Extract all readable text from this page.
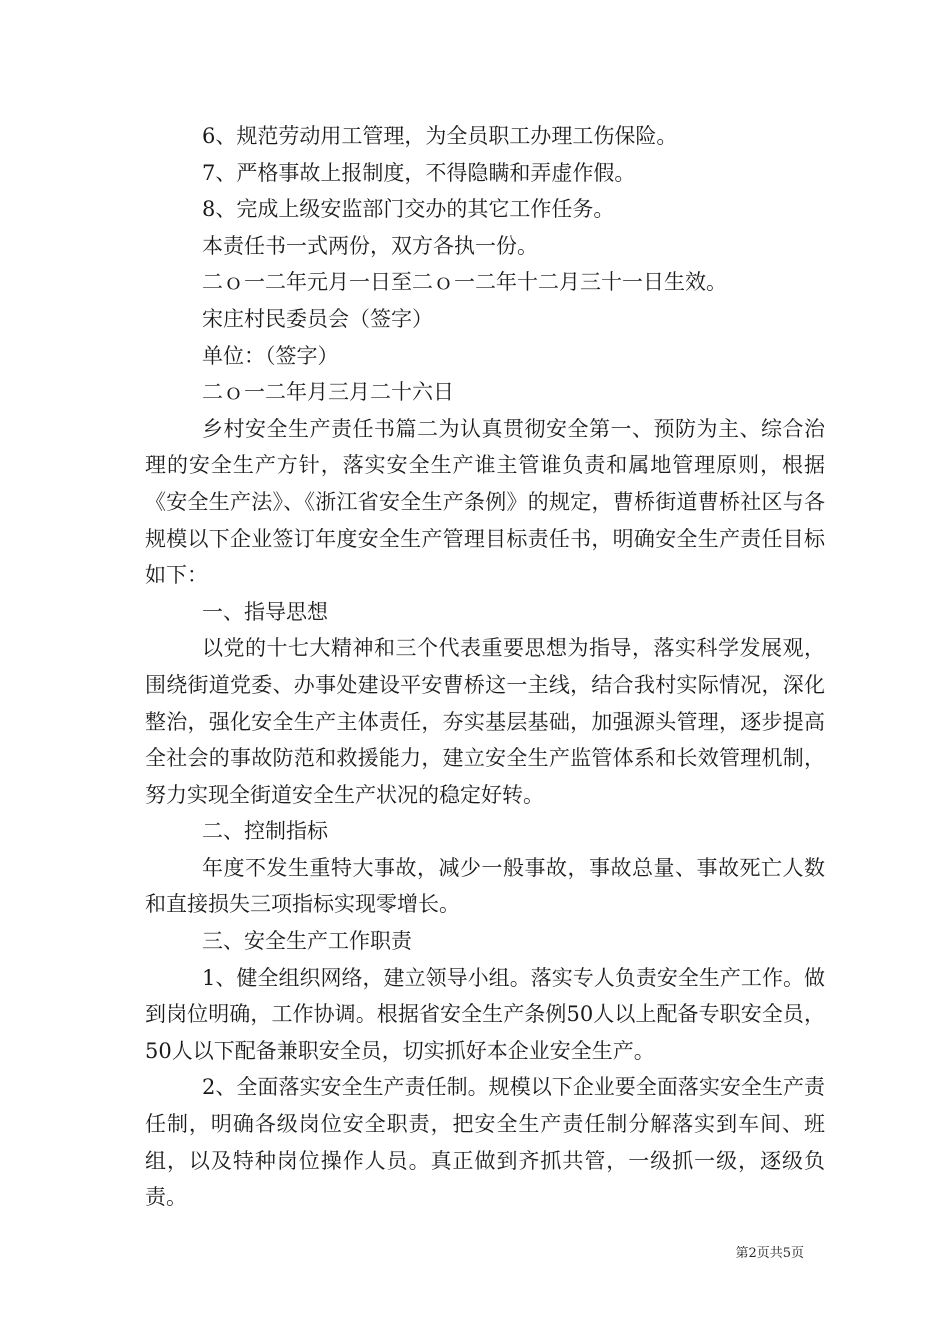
6、规范劳动用工管理，为全员职工办理工伤保险。

7、严格事故上报制度，不得隐瞒和弄虚作假。

8、完成上级安监部门交办的其它工作任务。

本责任书一式两份，双方各执一份。

二ｏ一二年元月一日至二ｏ一二年十二月三十一日生效。

宋庄村民委员会（签字）

单位：（签字）

二ｏ一二年月三月二十六日

乡村安全生产责任书篇二为认真贯彻安全第一、预防为主、综合治理的安全生产方针，落实安全生产谁主管谁负责和属地管理原则，根据《安全生产法》、《浙江省安全生产条例》的规定，曹桥街道曹桥社区与各规模以下企业签订年度安全生产管理目标责任书，明确安全生产责任目标如下：

一、指导思想

以党的十七大精神和三个代表重要思想为指导，落实科学发展观，围绕街道党委、办事处建设平安曹桥这一主线，结合我村实际情况，深化整治，强化安全生产主体责任，夯实基层基础，加强源头管理，逐步提高全社会的事故防范和救援能力，建立安全生产监管体系和长效管理机制，努力实现全街道安全生产状况的稳定好转。

二、控制指标

年度不发生重特大事故，减少一般事故，事故总量、事故死亡人数和直接损失三项指标实现零增长。

三、安全生产工作职责

1、健全组织网络，建立领导小组。落实专人负责安全生产工作。做到岗位明确，工作协调。根据省安全生产条例50人以上配备专职安全员，50人以下配备兼职安全员，切实抓好本企业安全生产。

2、全面落实安全生产责任制。规模以下企业要全面落实安全生产责任制，明确各级岗位安全职责，把安全生产责任制分解落实到车间、班组，以及特种岗位操作人员。真正做到齐抓共管，一级抓一级，逐级负责。

第2页共5页
